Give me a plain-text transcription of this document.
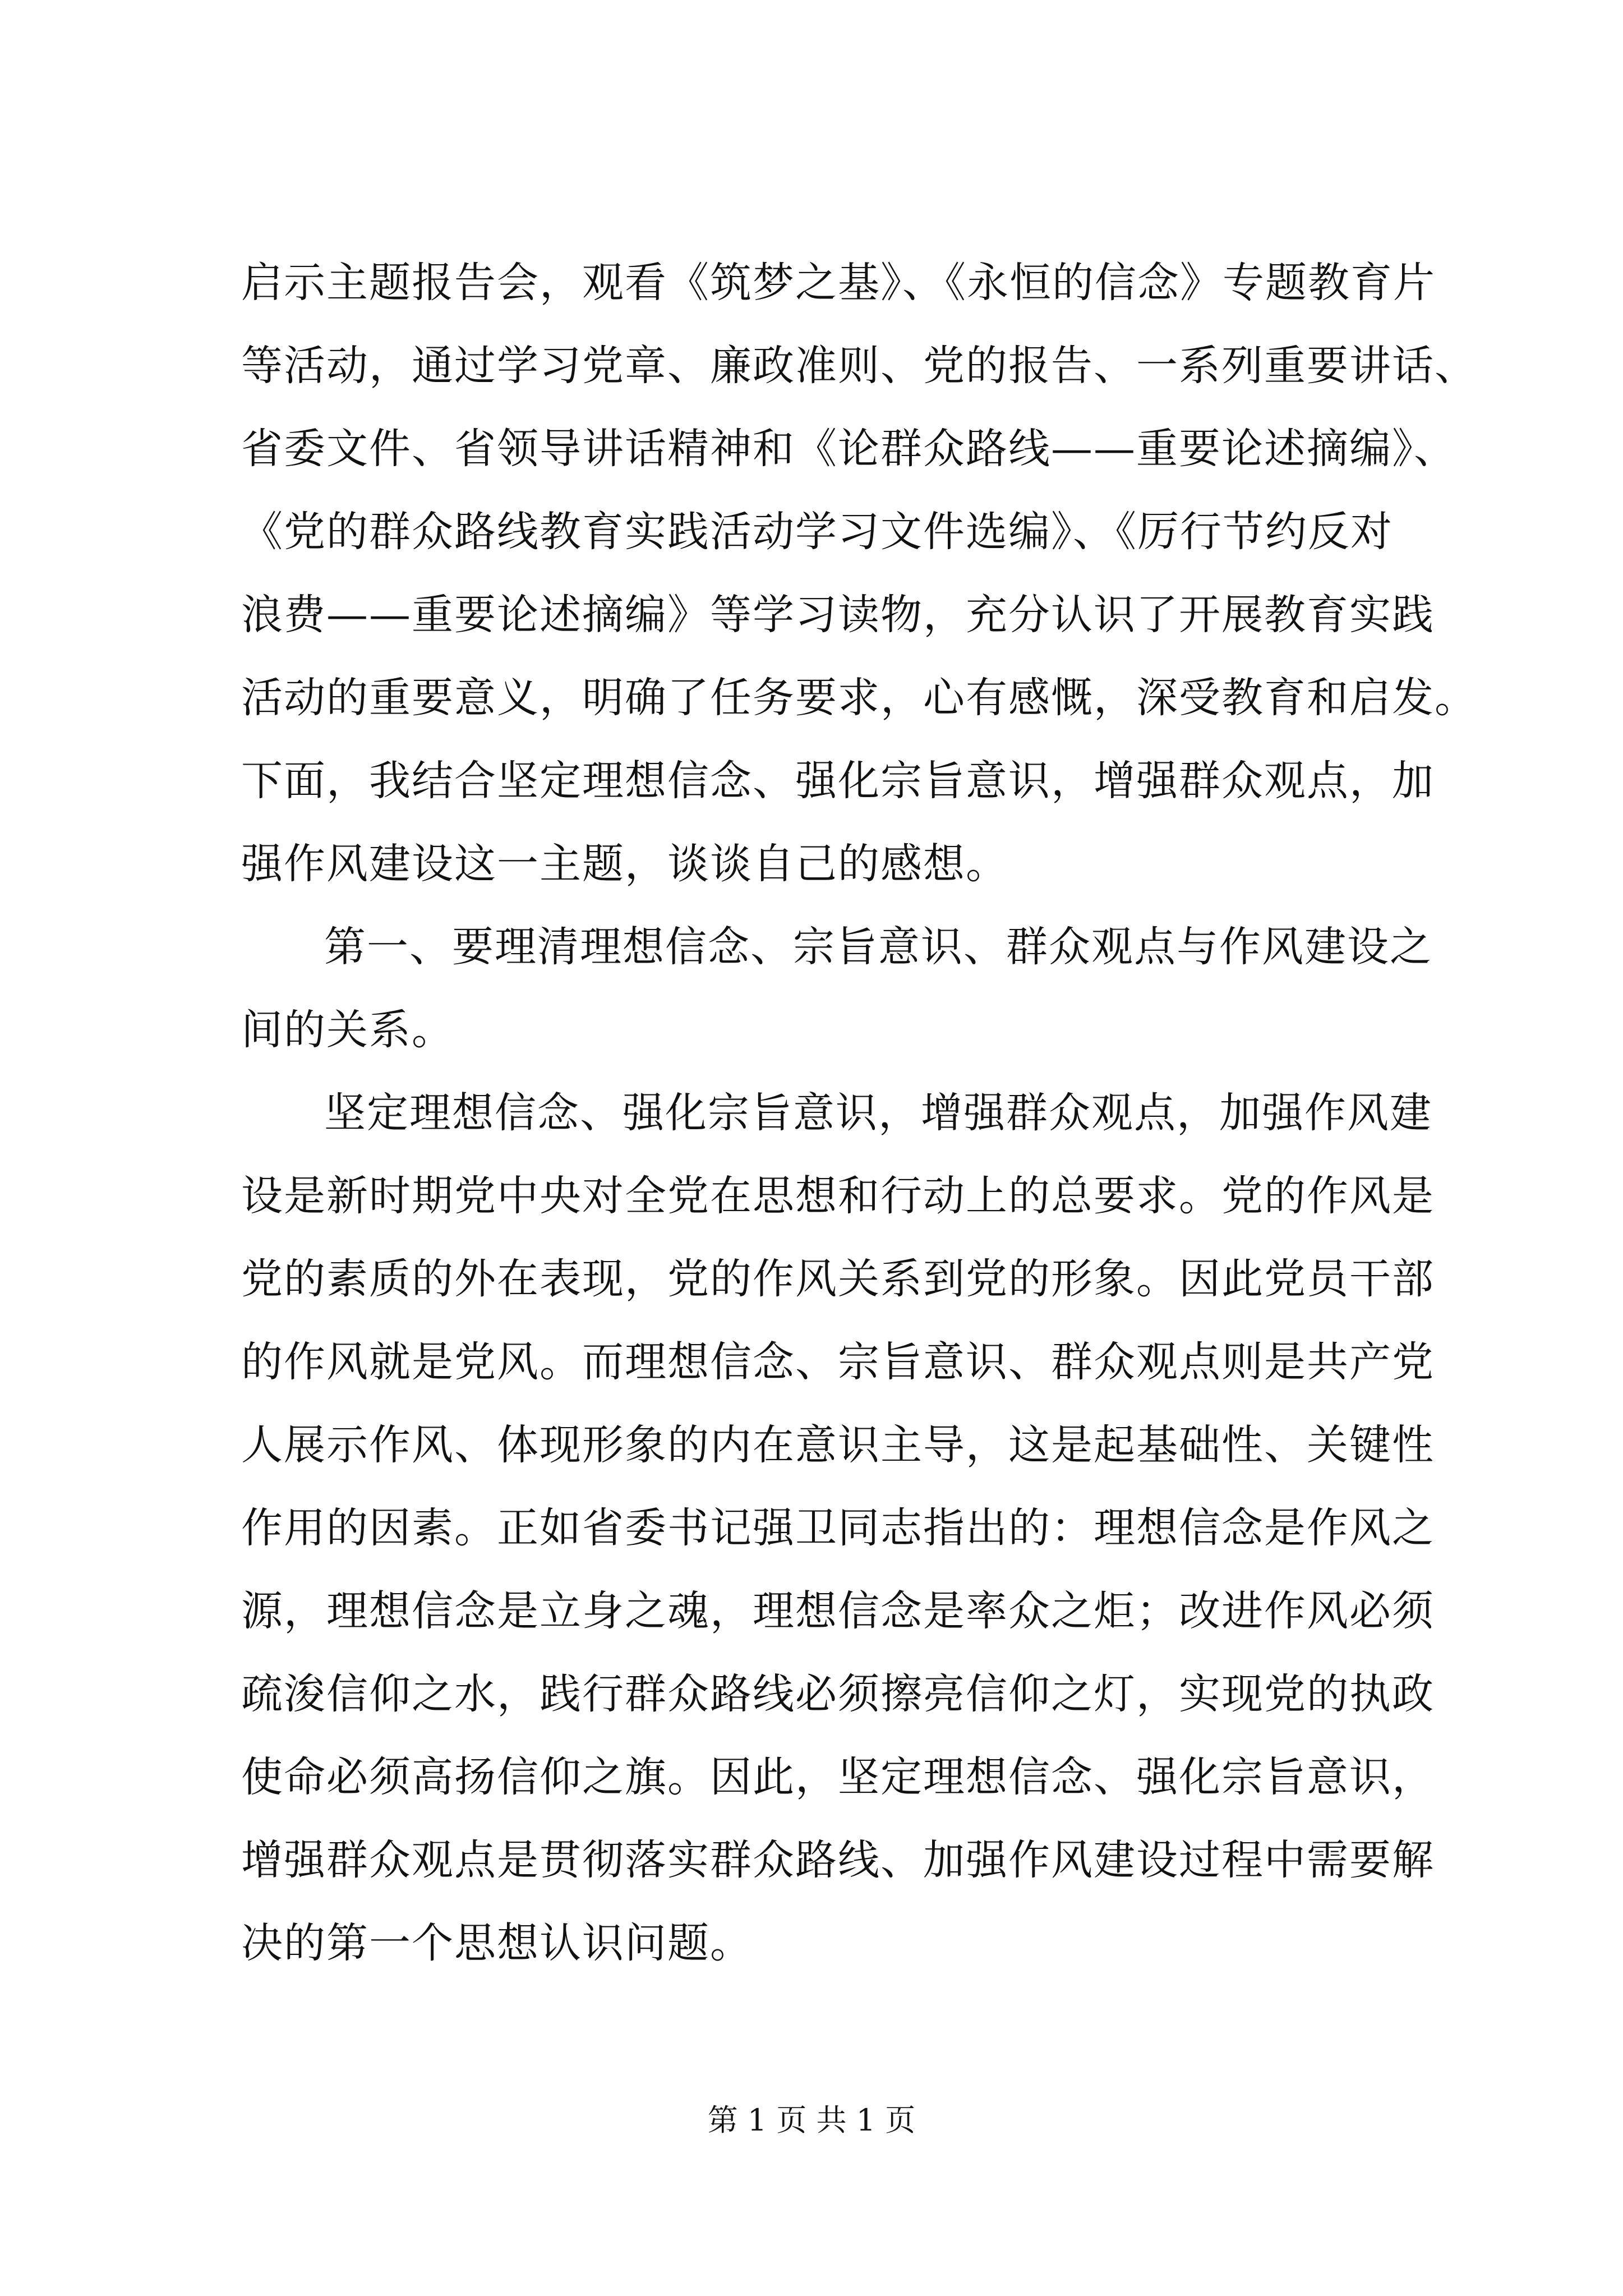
启示主题报告会，观看《筑梦之基》、《永恒的信念》专题教育片
等活动，通过学习党章、廉政准则、党的报告、一系列重要讲话、
省委文件、省领导讲话精神和《论群众路线——重要论述摘编》、
《党的群众路线教育实践活动学习文件选编》、《厉行节约反对
浪费——重要论述摘编》等学习读物，充分认识了开展教育实践
活动的重要意义，明确了任务要求，心有感慨，深受教育和启发。
下面，我结合坚定理想信念、强化宗旨意识，增强群众观点，加
强作风建设这一主题，谈谈自己的感想。
第一、要理清理想信念、宗旨意识、群众观点与作风建设之
间的关系。
坚定理想信念、强化宗旨意识，增强群众观点，加强作风建
设是新时期党中央对全党在思想和行动上的总要求。党的作风是
党的素质的外在表现，党的作风关系到党的形象。因此党员干部
的作风就是党风。而理想信念、宗旨意识、群众观点则是共产党
人展示作风、体现形象的内在意识主导，这是起基础性、关键性
作用的因素。正如省委书记强卫同志指出的：理想信念是作风之
源，理想信念是立身之魂，理想信念是率众之炬；改进作风必须
疏浚信仰之水，践行群众路线必须擦亮信仰之灯，实现党的执政
使命必须高扬信仰之旗。因此，坚定理想信念、强化宗旨意识，
增强群众观点是贯彻落实群众路线、加强作风建设过程中需要解
决的第一个思想认识问题。
第 1 页 共 1 页
